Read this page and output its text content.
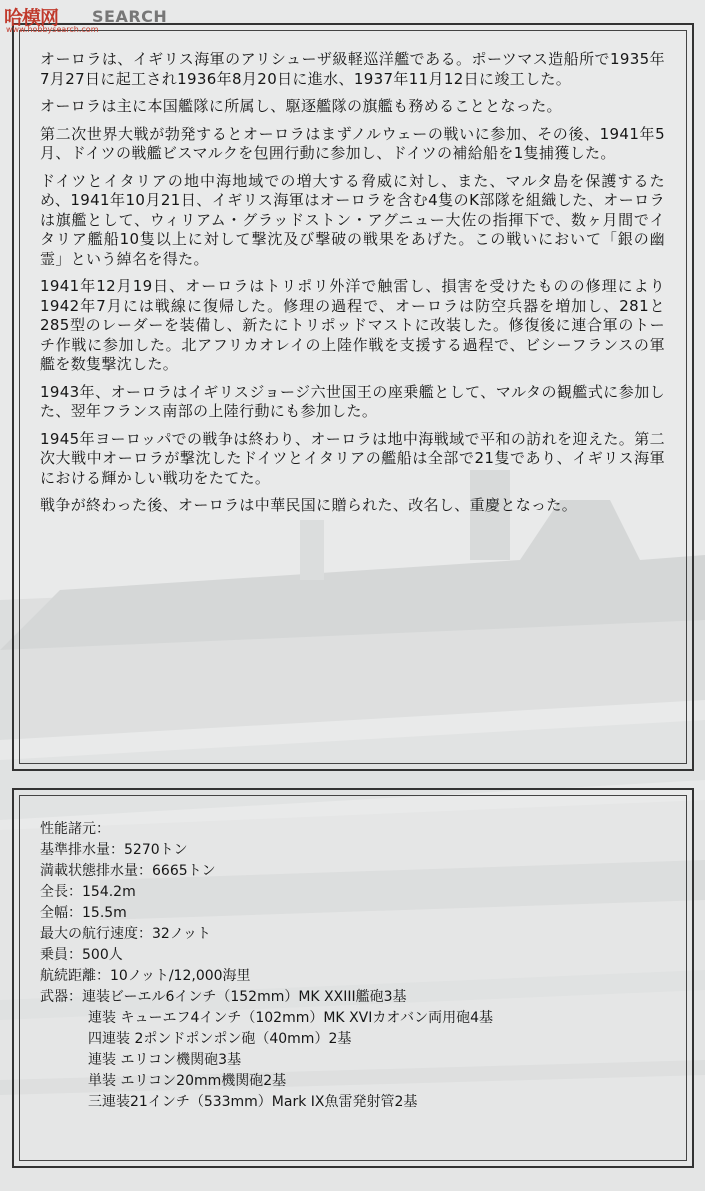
哈模网 SEARCH
www.hobbysearch.com

オーロラは、イギリス海軍のアリシューザ級軽巡洋艦である。ポーツマス造船所で1935年7月27日に起工され1936年8月20日に進水、1937年11月12日に竣工した。

オーロラは主に本国艦隊に所属し、駆逐艦隊の旗艦も務めることとなった。

第二次世界大戦が勃発するとオーロラはまずノルウェーの戦いに参加、その後、1941年5月、ドイツの戦艦ビスマルクを包囲行動に参加し、ドイツの補給船を1隻捕獲した。

ドイツとイタリアの地中海地域での増大する脅威に対し、また、マルタ島を保護するため、1941年10月21日、イギリス海軍はオーロラを含む4隻のK部隊を組織した、オーロラは旗艦として、ウィリアム・グラッドストン・アグニュー大佐の指揮下で、数ヶ月間でイタリア艦船10隻以上に対して撃沈及び撃破の戦果をあげた。この戦いにおいて「銀の幽霊」という綽名を得た。

1941年12月19日、オーロラはトリポリ外洋で触雷し、損害を受けたものの修理により1942年7月には戦線に復帰した。修理の過程で、オーロラは防空兵器を増加し、281と285型のレーダーを装備し、新たにトリポッドマストに改装した。修復後に連合軍のトーチ作戦に参加した。北アフリカオレイの上陸作戦を支援する過程で、ビシーフランスの軍艦を数隻撃沈した。

1943年、オーロラはイギリスジョージ六世国王の座乗艦として、マルタの観艦式に参加した、翌年フランス南部の上陸行動にも参加した。

1945年ヨーロッパでの戦争は終わり、オーロラは地中海戦域で平和の訪れを迎えた。第二次大戦中オーロラが撃沈したドイツとイタリアの艦船は全部で21隻であり、イギリス海軍における輝かしい戦功をたてた。

戦争が終わった後、オーロラは中華民国に贈られた、改名し、重慶となった。

性能諸元：
基準排水量：5270トン
満載状態排水量：6665トン
全長：154.2m
全幅：15.5m
最大の航行速度：32ノット
乗員：500人
航続距離：10ノット/12,000海里
武器：連装ビーエル6インチ（152mm）MK XXIII艦砲3基
連装 キューエフ4インチ（102mm）MK XVIカオバン両用砲4基
四連装 2ポンドポンポン砲（40mm）2基
連装 エリコン機関砲3基
単装 エリコン20mm機関砲2基
三連装21インチ（533mm）Mark IX魚雷発射管2基
